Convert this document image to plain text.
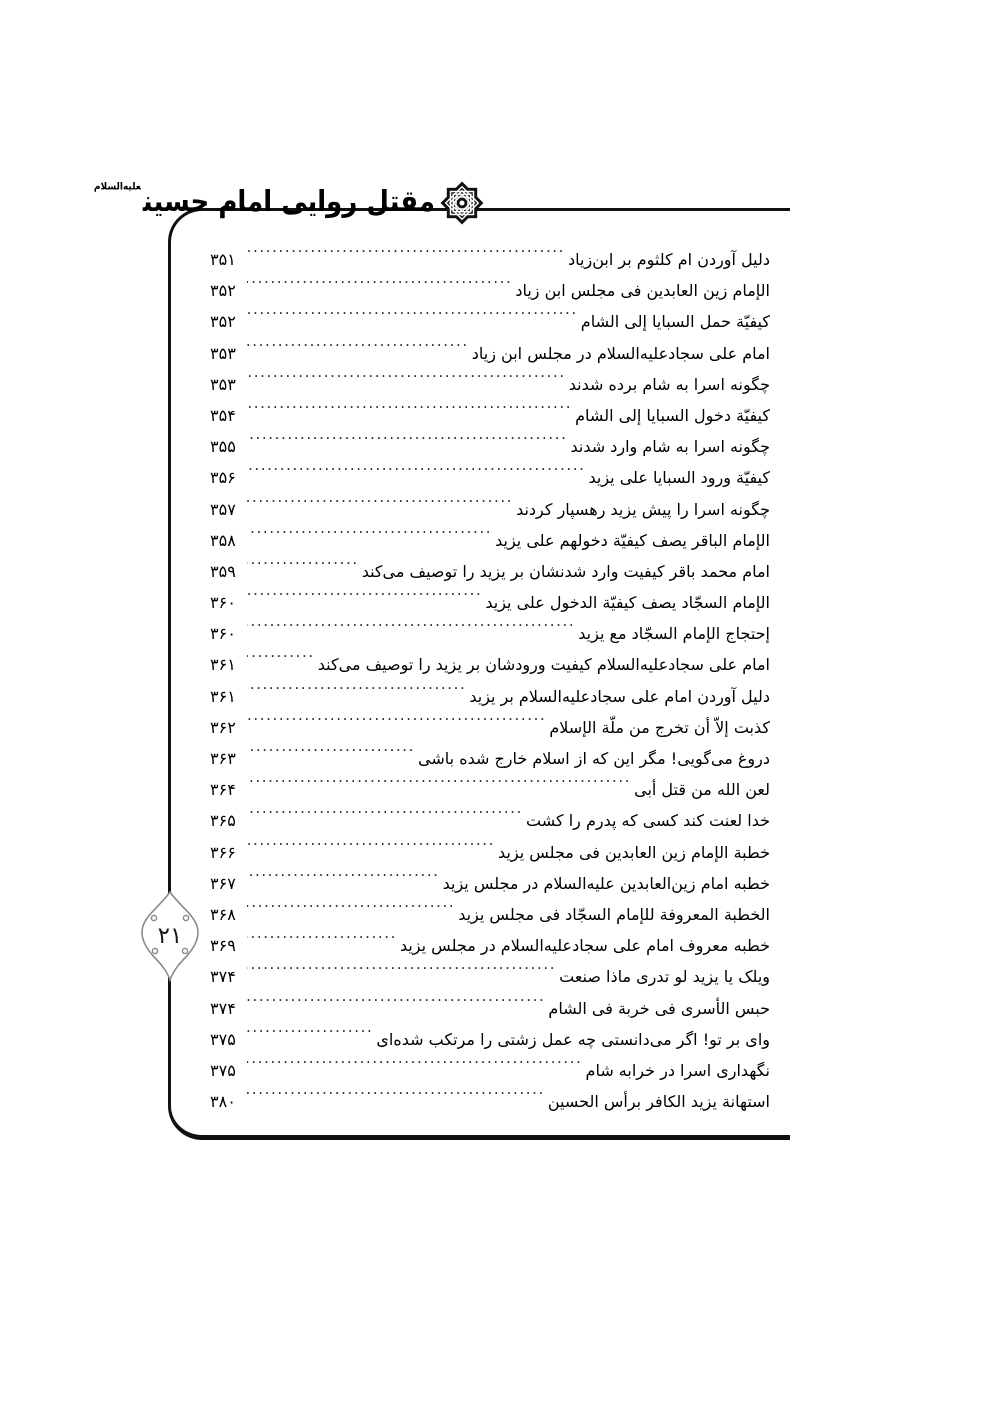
مقتل روایی امام حسین$^{علیه‌السلام}$
۲۱
دلیل آوردن ام کلثوم بر ابن‌زیاد
.....
۳۵۱
الإمام زین العابدین فی مجلس ابن زیاد
.....
۳۵۲
کیفیّة حمل السبایا إلی الشام
.....
۳۵۲
امام علی سجادعلیه‌السلام در مجلس ابن زیاد
.....
۳۵۳
چگونه اسرا به شام برده شدند
.....
۳۵۳
کیفیّة دخول السبایا إلی الشام
.....
۳۵۴
چگونه اسرا به شام وارد شدند
.....
۳۵۵
کیفیّة ورود السبایا علی یزید
.....
۳۵۶
چگونه اسرا را پیش یزید رهسپار کردند
.....
۳۵۷
الإمام الباقر یصف کیفیّة دخولهم علی یزید
.....
۳۵۸
امام محمد باقر کیفیت وارد شدنشان بر یزید را توصیف می‌کند
.....
۳۵۹
الإمام السجّاد یصف کیفیّة الدخول علی یزید
.....
۳۶۰
إحتجاج الإمام السجّاد مع یزید
.....
۳۶۰
امام علی سجادعلیه‌السلام کیفیت ورودشان بر یزید را توصیف می‌کند
.....
۳۶۱
دلیل آوردن امام علی سجادعلیه‌السلام بر یزید
.....
۳۶۱
کذبت إلاّ أن تخرج من ملّة الإسلام
.....
۳۶۲
دروغ می‌گویی! مگر این که از اسلام خارج شده باشی
.....
۳۶۳
لعن الله من قتل أبی
.....
۳۶۴
خدا لعنت کند کسی که پدرم را کشت
.....
۳۶۵
خطبة الإمام زین العابدین فی مجلس یزید
.....
۳۶۶
خطبه امام زین‌العابدین علیه‌السلام در مجلس یزید
.....
۳۶۷
الخطبة المعروفة للإمام السجّاد فی مجلس یزید
.....
۳۶۸
خطبه معروف امام علی سجادعلیه‌السلام در مجلس یزید
.....
۳۶۹
ویلک یا یزید لو تدری ماذا صنعت
.....
۳۷۴
حبس الأسری فی خربة فی الشام
.....
۳۷۴
وای بر تو! اگر می‌دانستی چه عمل زشتی را مرتکب شده‌ای
.....
۳۷۵
نگهداری اسرا در خرابه شام
.....
۳۷۵
استهانة یزید الکافر برأس الحسین
.....
۳۸۰
